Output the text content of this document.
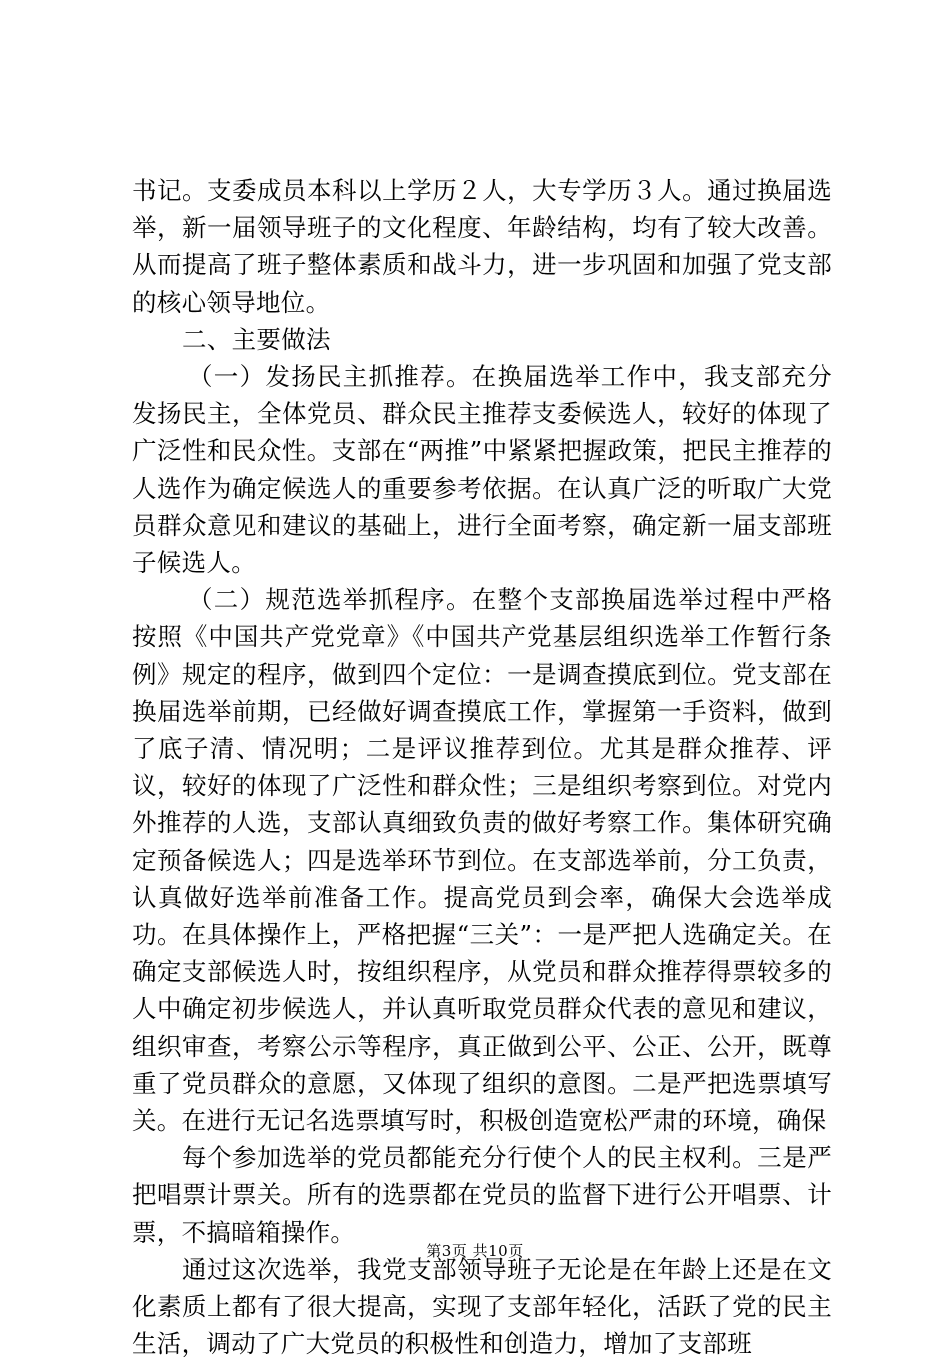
书记。支委成员本科以上学历２人，大专学历３人。通过换届选举，新一届领导班子的文化程度、年龄结构，均有了较大改善。从而提高了班子整体素质和战斗力，进一步巩固和加强了党支部的核心领导地位。

二、主要做法

（一）发扬民主抓推荐。在换届选举工作中，我支部充分发扬民主，全体党员、群众民主推荐支委候选人，较好的体现了广泛性和民众性。支部在“两推”中紧紧把握政策，把民主推荐的人选作为确定候选人的重要参考依据。在认真广泛的听取广大党员群众意见和建议的基础上，进行全面考察，确定新一届支部班子候选人。

（二）规范选举抓程序。在整个支部换届选举过程中严格按照《中国共产党党章》《中国共产党基层组织选举工作暂行条例》规定的程序，做到四个定位：一是调查摸底到位。党支部在换届选举前期，已经做好调查摸底工作，掌握第一手资料，做到了底子清、情况明；二是评议推荐到位。尤其是群众推荐、评议，较好的体现了广泛性和群众性；三是组织考察到位。对党内外推荐的人选，支部认真细致负责的做好考察工作。集体研究确定预备候选人；四是选举环节到位。在支部选举前，分工负责，认真做好选举前准备工作。提高党员到会率，确保大会选举成功。在具体操作上，严格把握“三关”：一是严把人选确定关。在确定支部候选人时，按组织程序，从党员和群众推荐得票较多的人中确定初步候选人，并认真听取党员群众代表的意见和建议，组织审查，考察公示等程序，真正做到公平、公正、公开，既尊重了党员群众的意愿，又体现了组织的意图。二是严把选票填写关。在进行无记名选票填写时，积极创造宽松严肃的环境，确保

每个参加选举的党员都能充分行使个人的民主权利。三是严把唱票计票关。所有的选票都在党员的监督下进行公开唱票、计票，不搞暗箱操作。

通过这次选举，我党支部领导班子无论是在年龄上还是在文化素质上都有了很大提高，实现了支部年轻化，活跃了党的民主生活，调动了广大党员的积极性和创造力，增加了支部班

第3页 共10页
